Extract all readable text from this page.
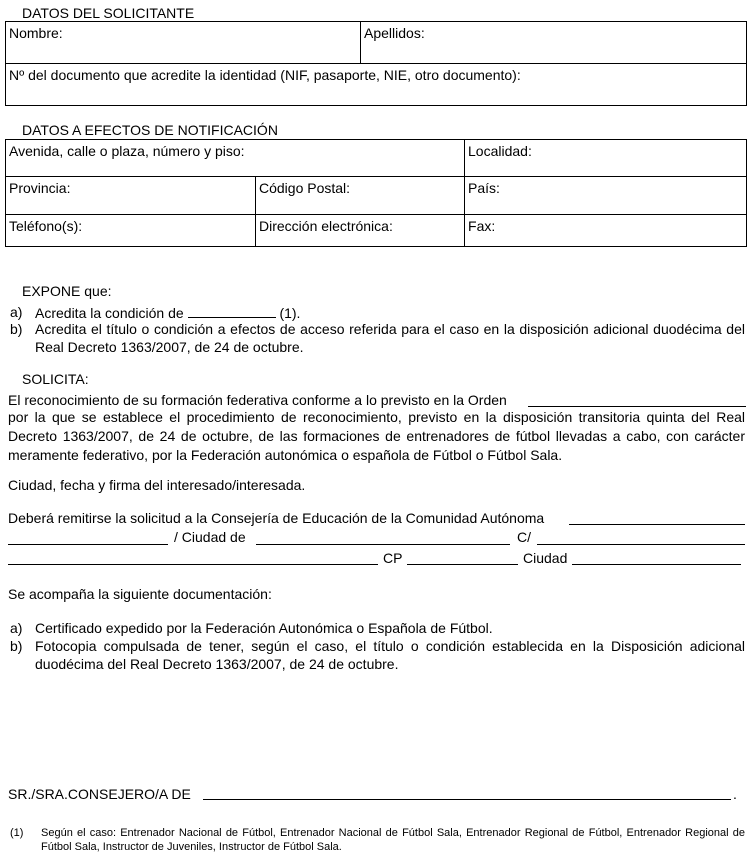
DATOS DEL SOLICITANTE
Nombre:	Apellidos:
Nº del documento que acredite la identidad (NIF, pasaporte, NIE, otro documento):
DATOS A EFECTOS DE NOTIFICACIÓN
Avenida, calle o plaza, número y piso:		Localidad:
Provincia:	Código Postal:	País:
Teléfono(s):	Dirección electrónica:	Fax:
EXPONE que:
a) Acredita la condición de	(1).
b) Acredita el título o condición a efectos de acceso referida para el caso en la disposición adicional duodécima del Real Decreto 1363/2007, de 24 de octubre.
SOLICITA:
El reconocimiento de su formación federativa conforme a lo previsto en la Orden
por la que se establece el procedimiento de reconocimiento, previsto en la disposición transitoria quinta del Real Decreto 1363/2007, de 24 de octubre, de las formaciones de entrenadores de fútbol llevadas a cabo, con carácter meramente federativo, por la Federación autonómica o española de Fútbol o Fútbol Sala.
Ciudad, fecha y firma del interesado/interesada.
Deberá remitirse la solicitud a la Consejería de Educación de la Comunidad Autónoma
/ Ciudad de	C/
CP	Ciudad
Se acompaña la siguiente documentación:
a) Certificado expedido por la Federación Autonómica o Española de Fútbol.
b) Fotocopia compulsada de tener, según el caso, el título o condición establecida en la Disposición adicional duodécima del Real Decreto 1363/2007, de 24 de octubre.
SR./SRA.CONSEJERO/A DE	.
(1) Según el caso: Entrenador Nacional de Fútbol, Entrenador Nacional de Fútbol Sala, Entrenador Regional de Fútbol, Entrenador Regional de Fútbol Sala, Instructor de Juveniles, Instructor de Fútbol Sala.
